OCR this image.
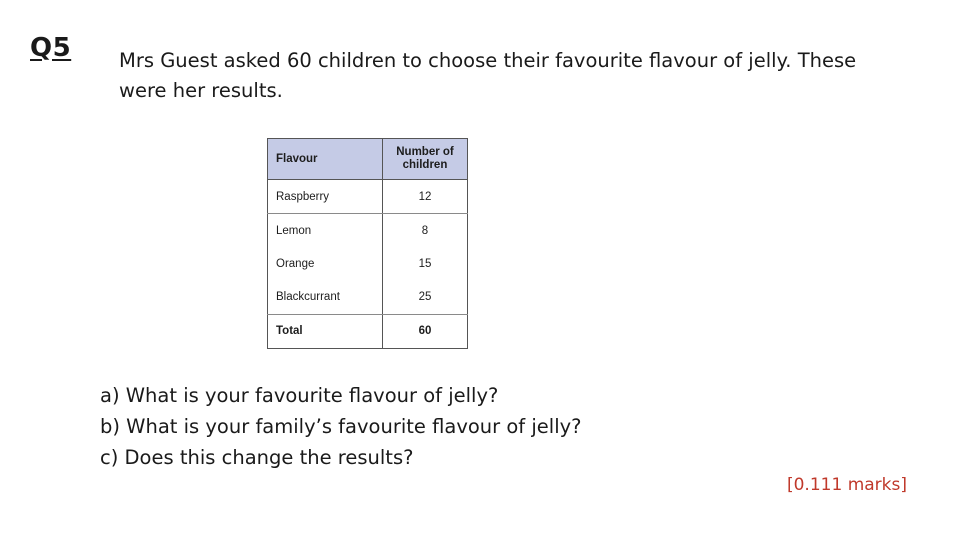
Q5 Mrs Guest asked 60 children to choose their favourite flavour of jelly. These
were her results.
Flavour	Number of
children

Raspberry	12
Lemon	8
Orange	15
Blackcurrant	25
Total	60
a) What is your favourite flavour of jelly?
b) What is your family’s favourite flavour of jelly?
c) Does this change the results?
[0.111 marks]
